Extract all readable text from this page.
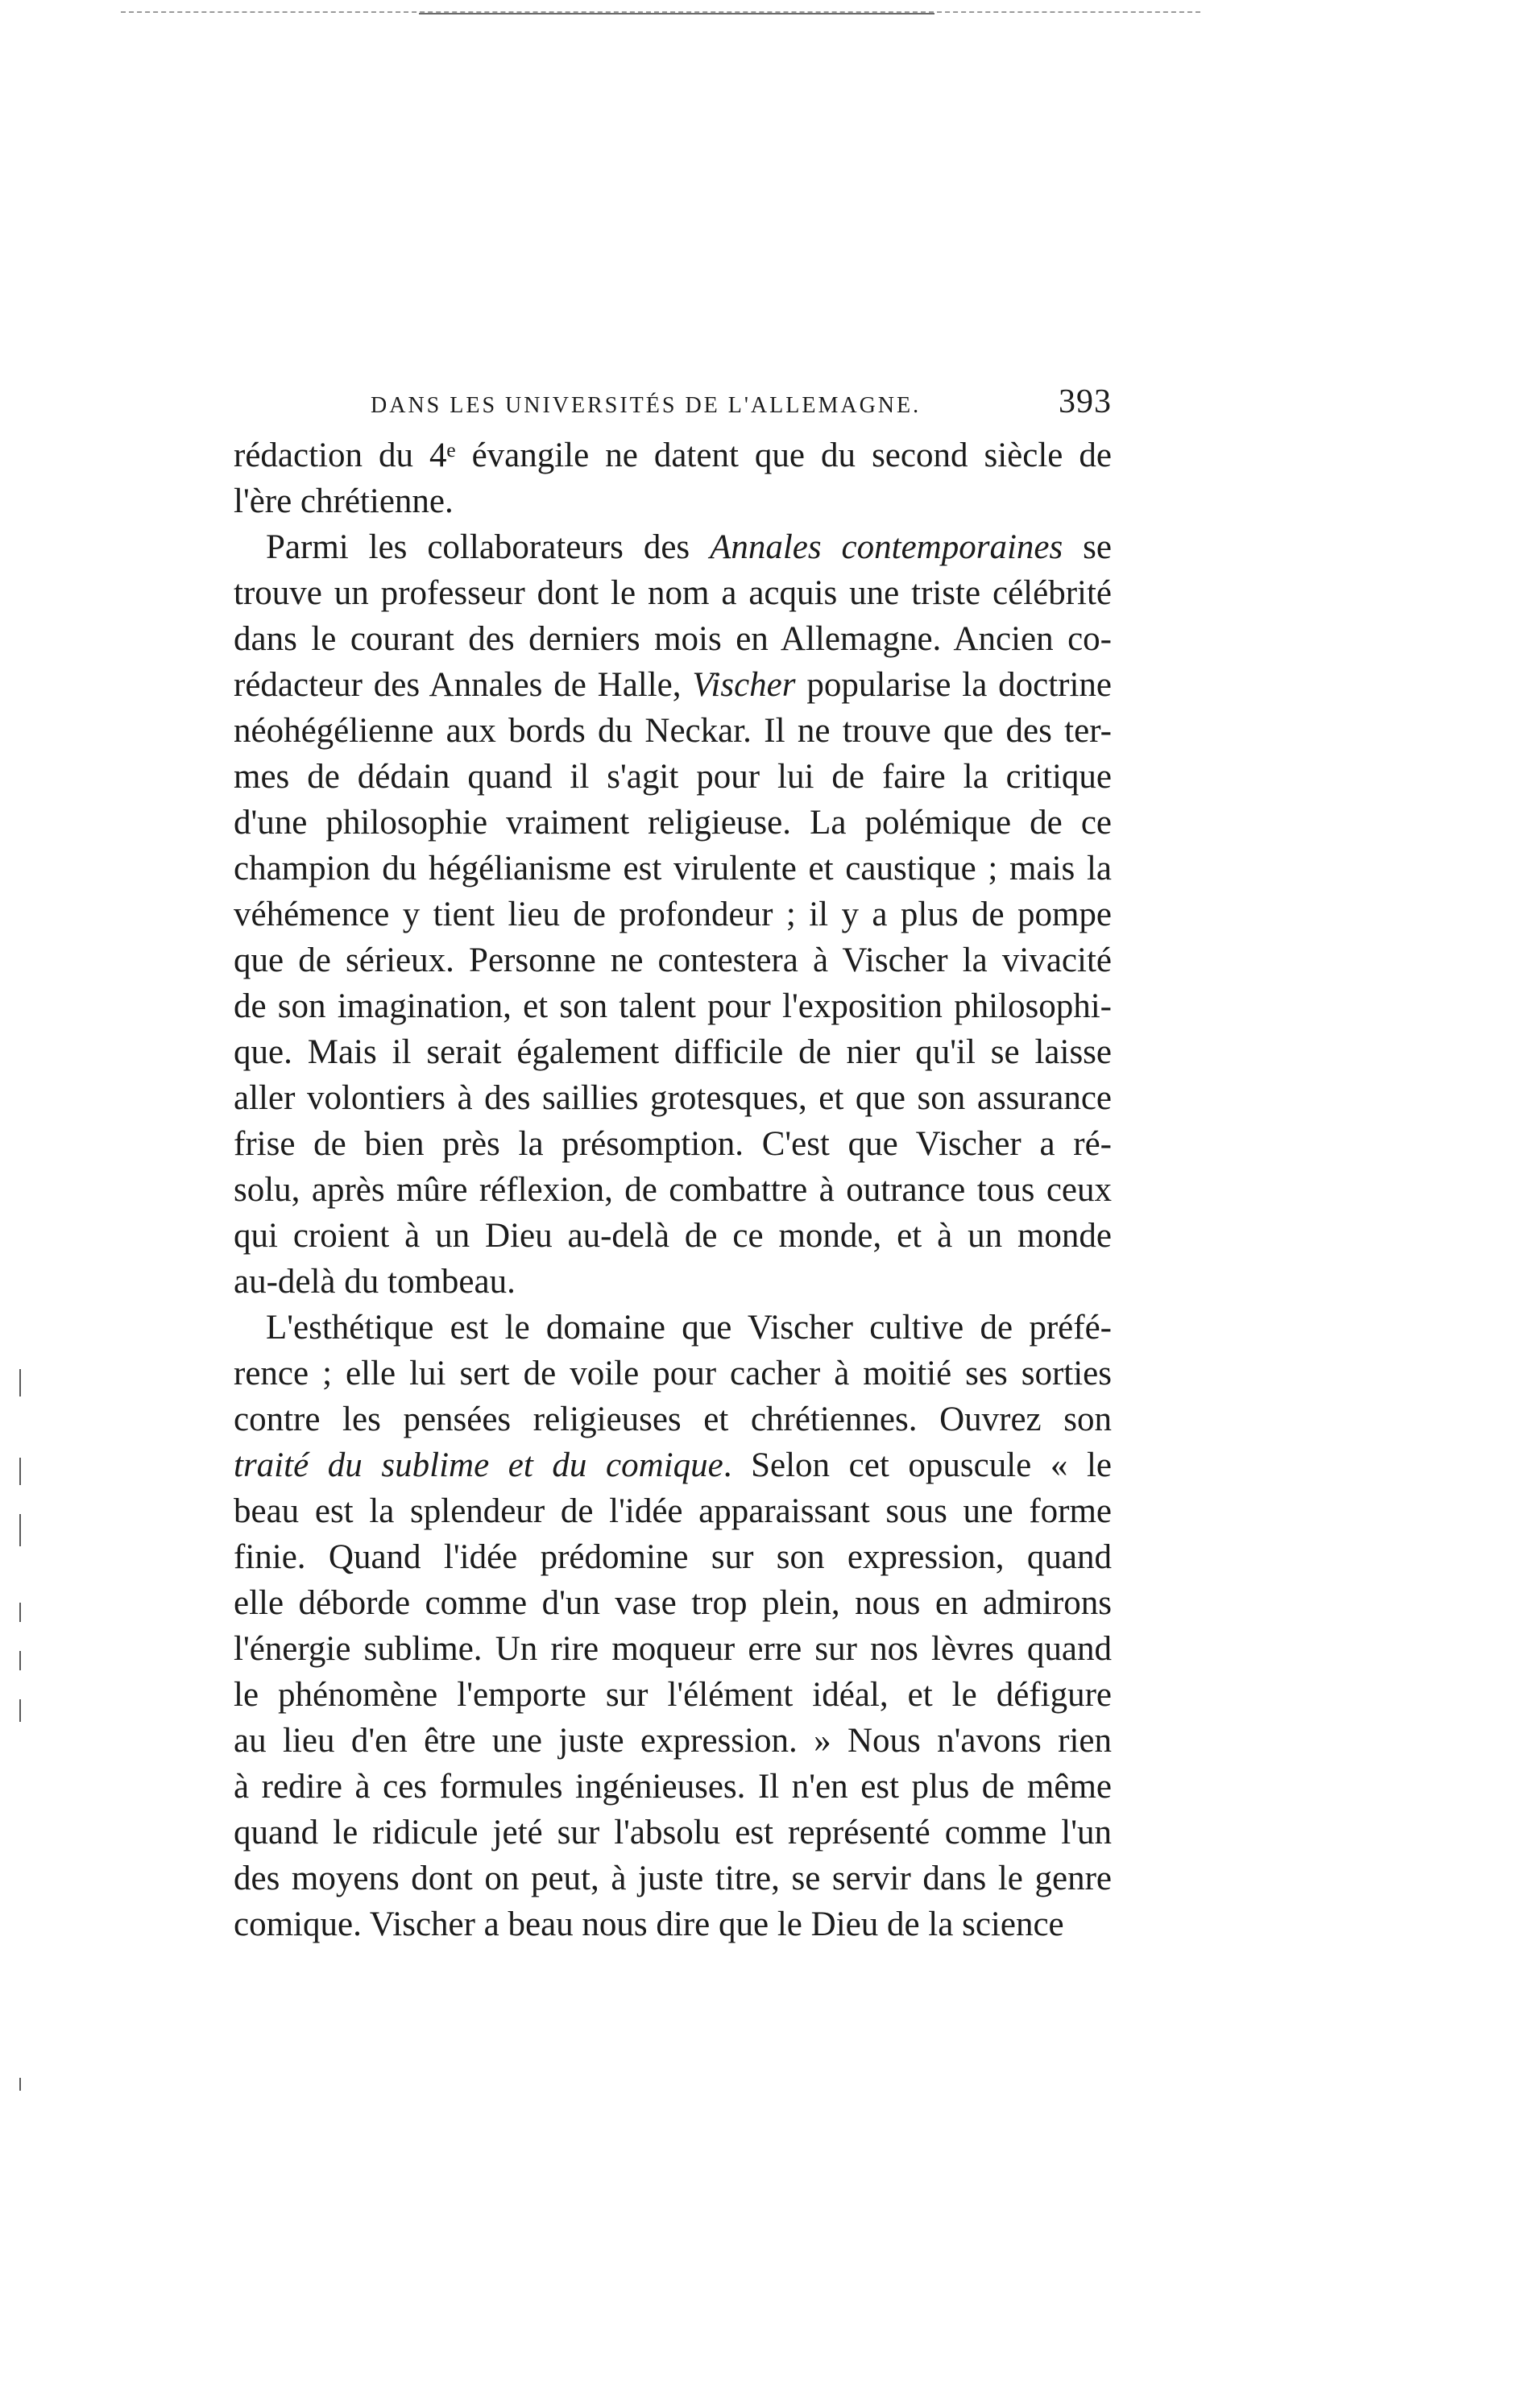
DANS LES UNIVERSITÉS DE L'ALLEMAGNE.	393
rédaction du 4ᵉ évangile ne datent que du second siècle de
l'ère chrétienne.
Parmi les collaborateurs des Annales contemporaines se
trouve un professeur dont le nom a acquis une triste célébrité
dans le courant des derniers mois en Allemagne. Ancien co-
rédacteur des Annales de Halle, Vischer popularise la doctrine
néohégélienne aux bords du Neckar. Il ne trouve que des ter-
mes de dédain quand il s'agit pour lui de faire la critique
d'une philosophie vraiment religieuse. La polémique de ce
champion du hégélianisme est virulente et caustique ; mais la
véhémence y tient lieu de profondeur ; il y a plus de pompe
que de sérieux. Personne ne contestera à Vischer la vivacité
de son imagination, et son talent pour l'exposition philosophi-
que. Mais il serait également difficile de nier qu'il se laisse
aller volontiers à des saillies grotesques, et que son assurance
frise de bien près la présomption. C'est que Vischer a ré-
solu, après mûre réflexion, de combattre à outrance tous ceux
qui croient à un Dieu au-delà de ce monde, et à un monde
au-delà du tombeau.
L'esthétique est le domaine que Vischer cultive de préfé-
rence ; elle lui sert de voile pour cacher à moitié ses sorties
contre les pensées religieuses et chrétiennes. Ouvrez son
traité du sublime et du comique. Selon cet opuscule « le
beau est la splendeur de l'idée apparaissant sous une forme
finie. Quand l'idée prédomine sur son expression, quand
elle déborde comme d'un vase trop plein, nous en admirons
l'énergie sublime. Un rire moqueur erre sur nos lèvres quand
le phénomène l'emporte sur l'élément idéal, et le défigure
au lieu d'en être une juste expression. » Nous n'avons rien
à redire à ces formules ingénieuses. Il n'en est plus de même
quand le ridicule jeté sur l'absolu est représenté comme l'un
des moyens dont on peut, à juste titre, se servir dans le genre
comique. Vischer a beau nous dire que le Dieu de la science
